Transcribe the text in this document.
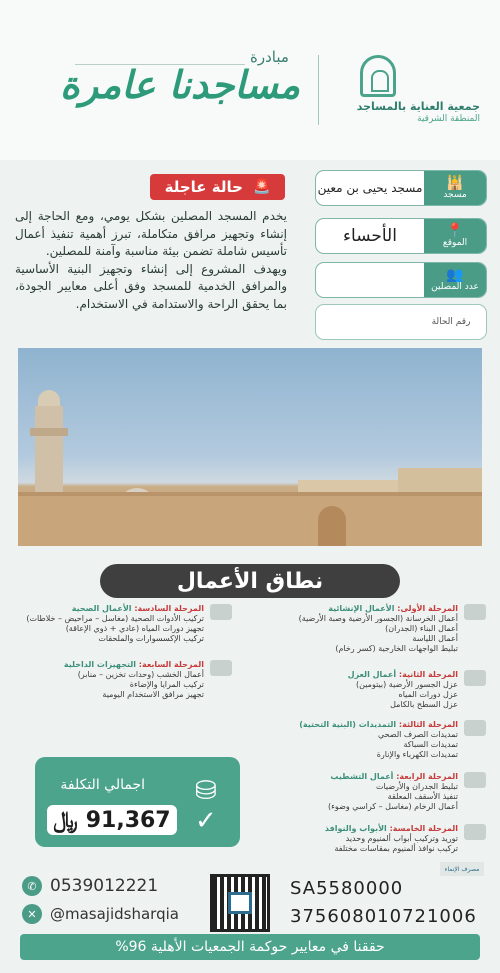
جمعية العناية بالمساجد
المنطقة الشرقية
مبادرة
مساجدنا عامرة
🚨
حالة عاجلة

يخدم المسجد المصلين بشكل يومي، ومع الحاجة إلى إنشاء وتجهيز مرافق متكاملة، تبرز أهمية تنفيذ أعمال تأسيس شاملة تضمن بيئة مناسبة وآمنة للمصلين.

ويهدف المشروع إلى إنشاء وتجهيز البنية الأساسية والمرافق الخدمية للمسجد وفق أعلى معايير الجودة، بما يحقق الراحة والاستدامة في الاستخدام.

🕌
مسجد
مسجد يحيى بن معين
📍
الموقع
الأحساء
👥
عدد المصلين
رقم الحالة
نطاق الأعمال
المرحلة الأولى: الأعمال الإنشائية
أعمال الخرسانة (الجسور الأرضية وصبة الأرضية)
أعمال البناء (الجدران)
أعمال اللياسة
تبليط الواجهات الخارجية (كسر رخام)
المرحلة الثانية: أعمال العزل
عزل الجسور الأرضية (بيتومين)
عزل دورات المياه
عزل السطح بالكامل
المرحلة الثالثة: التمديدات (البنية التحتية)
تمديدات الصرف الصحي
تمديدات السباكة
تمديدات الكهرباء والإنارة
المرحلة الرابعة: أعمال التشطيب
تبليط الجدران والأرضيات
تنفيذ الأسقف المعلقة
أعمال الرخام (مغاسل – كراسي وضوء)
المرحلة الخامسة: الأبواب والنوافذ
توريد وتركيب أبواب ألمنيوم وحديد
تركيب نوافذ ألمنيوم بمقاسات مختلفة
المرحلة السادسة: الأعمال الصحية
تركيب الأدوات الصحية (مغاسل – مراحيض – خلاطات)
تجهيز دورات المياه (عادي + ذوي الإعاقة)
تركيب الإكسسوارات والملحقات
المرحلة السابعة: التجهيزات الداخلية
أعمال الخشب (وحدات تخزين – منابر)
تركيب المرايا والإضاءة
تجهيز مرافق الاستخدام اليومية
اجمالي التكلفة
﷼ 91,367
⛁✓
✆ 0539012221
✕ @masajidsharqia
مصرف الإنماء
SA5580000
375608010721006
حققنا في معايير حوكمة الجمعيات الأهلية 96%
